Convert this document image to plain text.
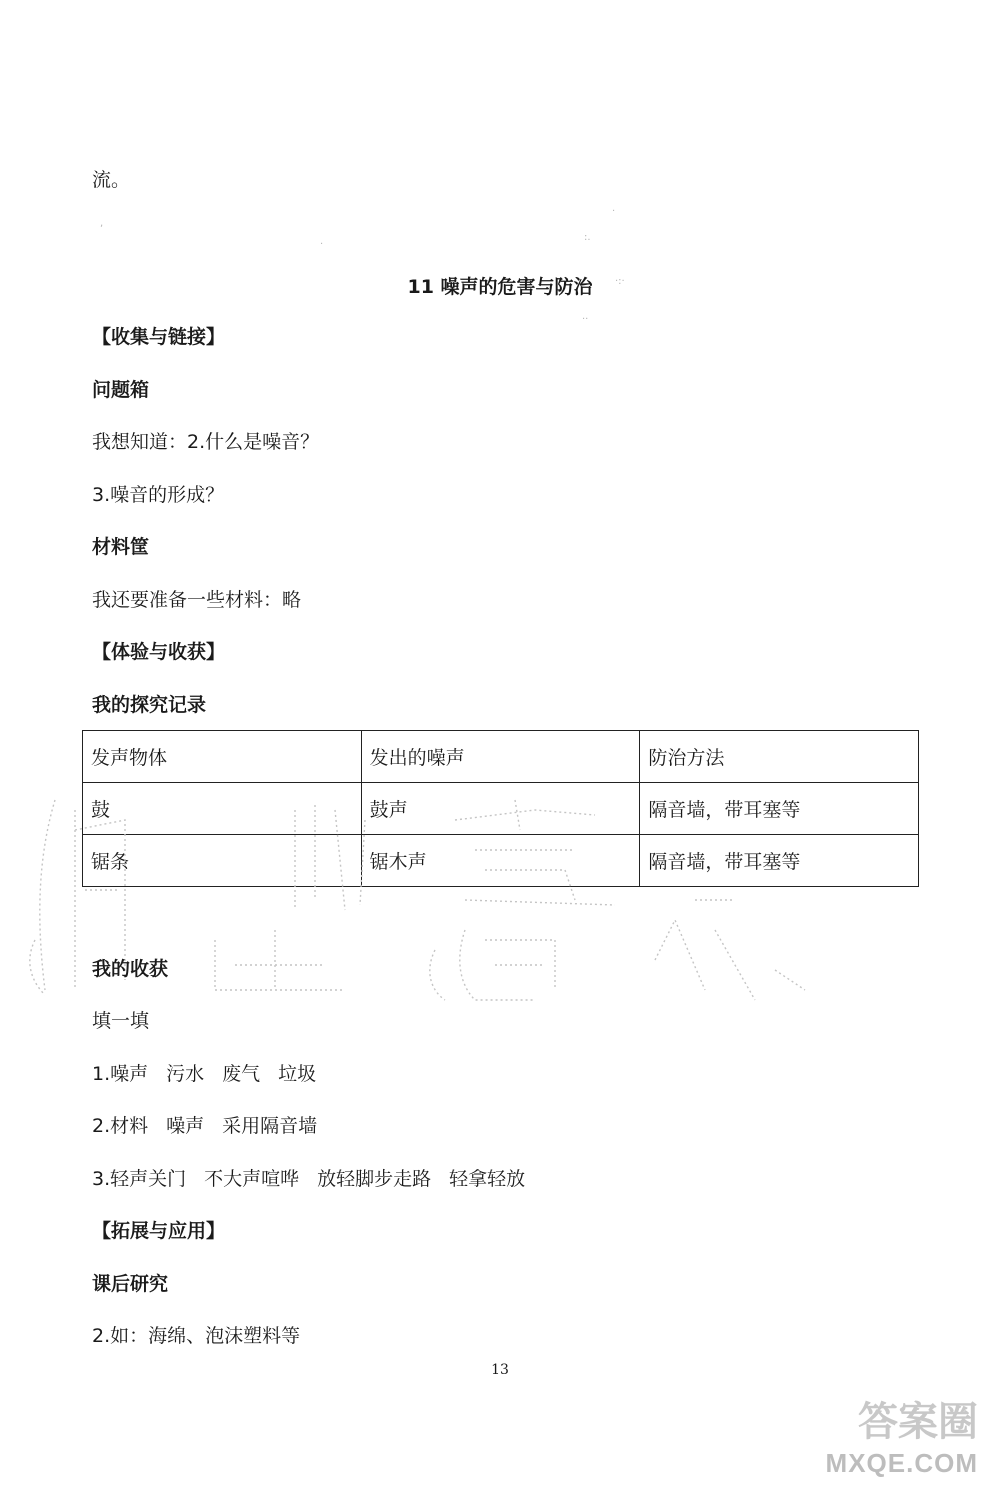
,
.	:.
·
·:·
··
流。
11 噪声的危害与防治
【收集与链接】
问题箱
我想知道：2.什么是噪音？
3.噪音的形成？
材料筐
我还要准备一些材料：略
【体验与收获】
我的探究记录
发声物体	发出的噪声	防治方法
鼓	鼓声	隔音墙，带耳塞等
锯条	锯木声	隔音墙，带耳塞等
我的收获
填一填
1.噪声 污水 废气 垃圾
2.材料 噪声 采用隔音墙
3.轻声关门 不大声喧哗 放轻脚步走路 轻拿轻放
【拓展与应用】
课后研究
2.如：海绵、泡沫塑料等
13
答案圈
MXQE.COM
